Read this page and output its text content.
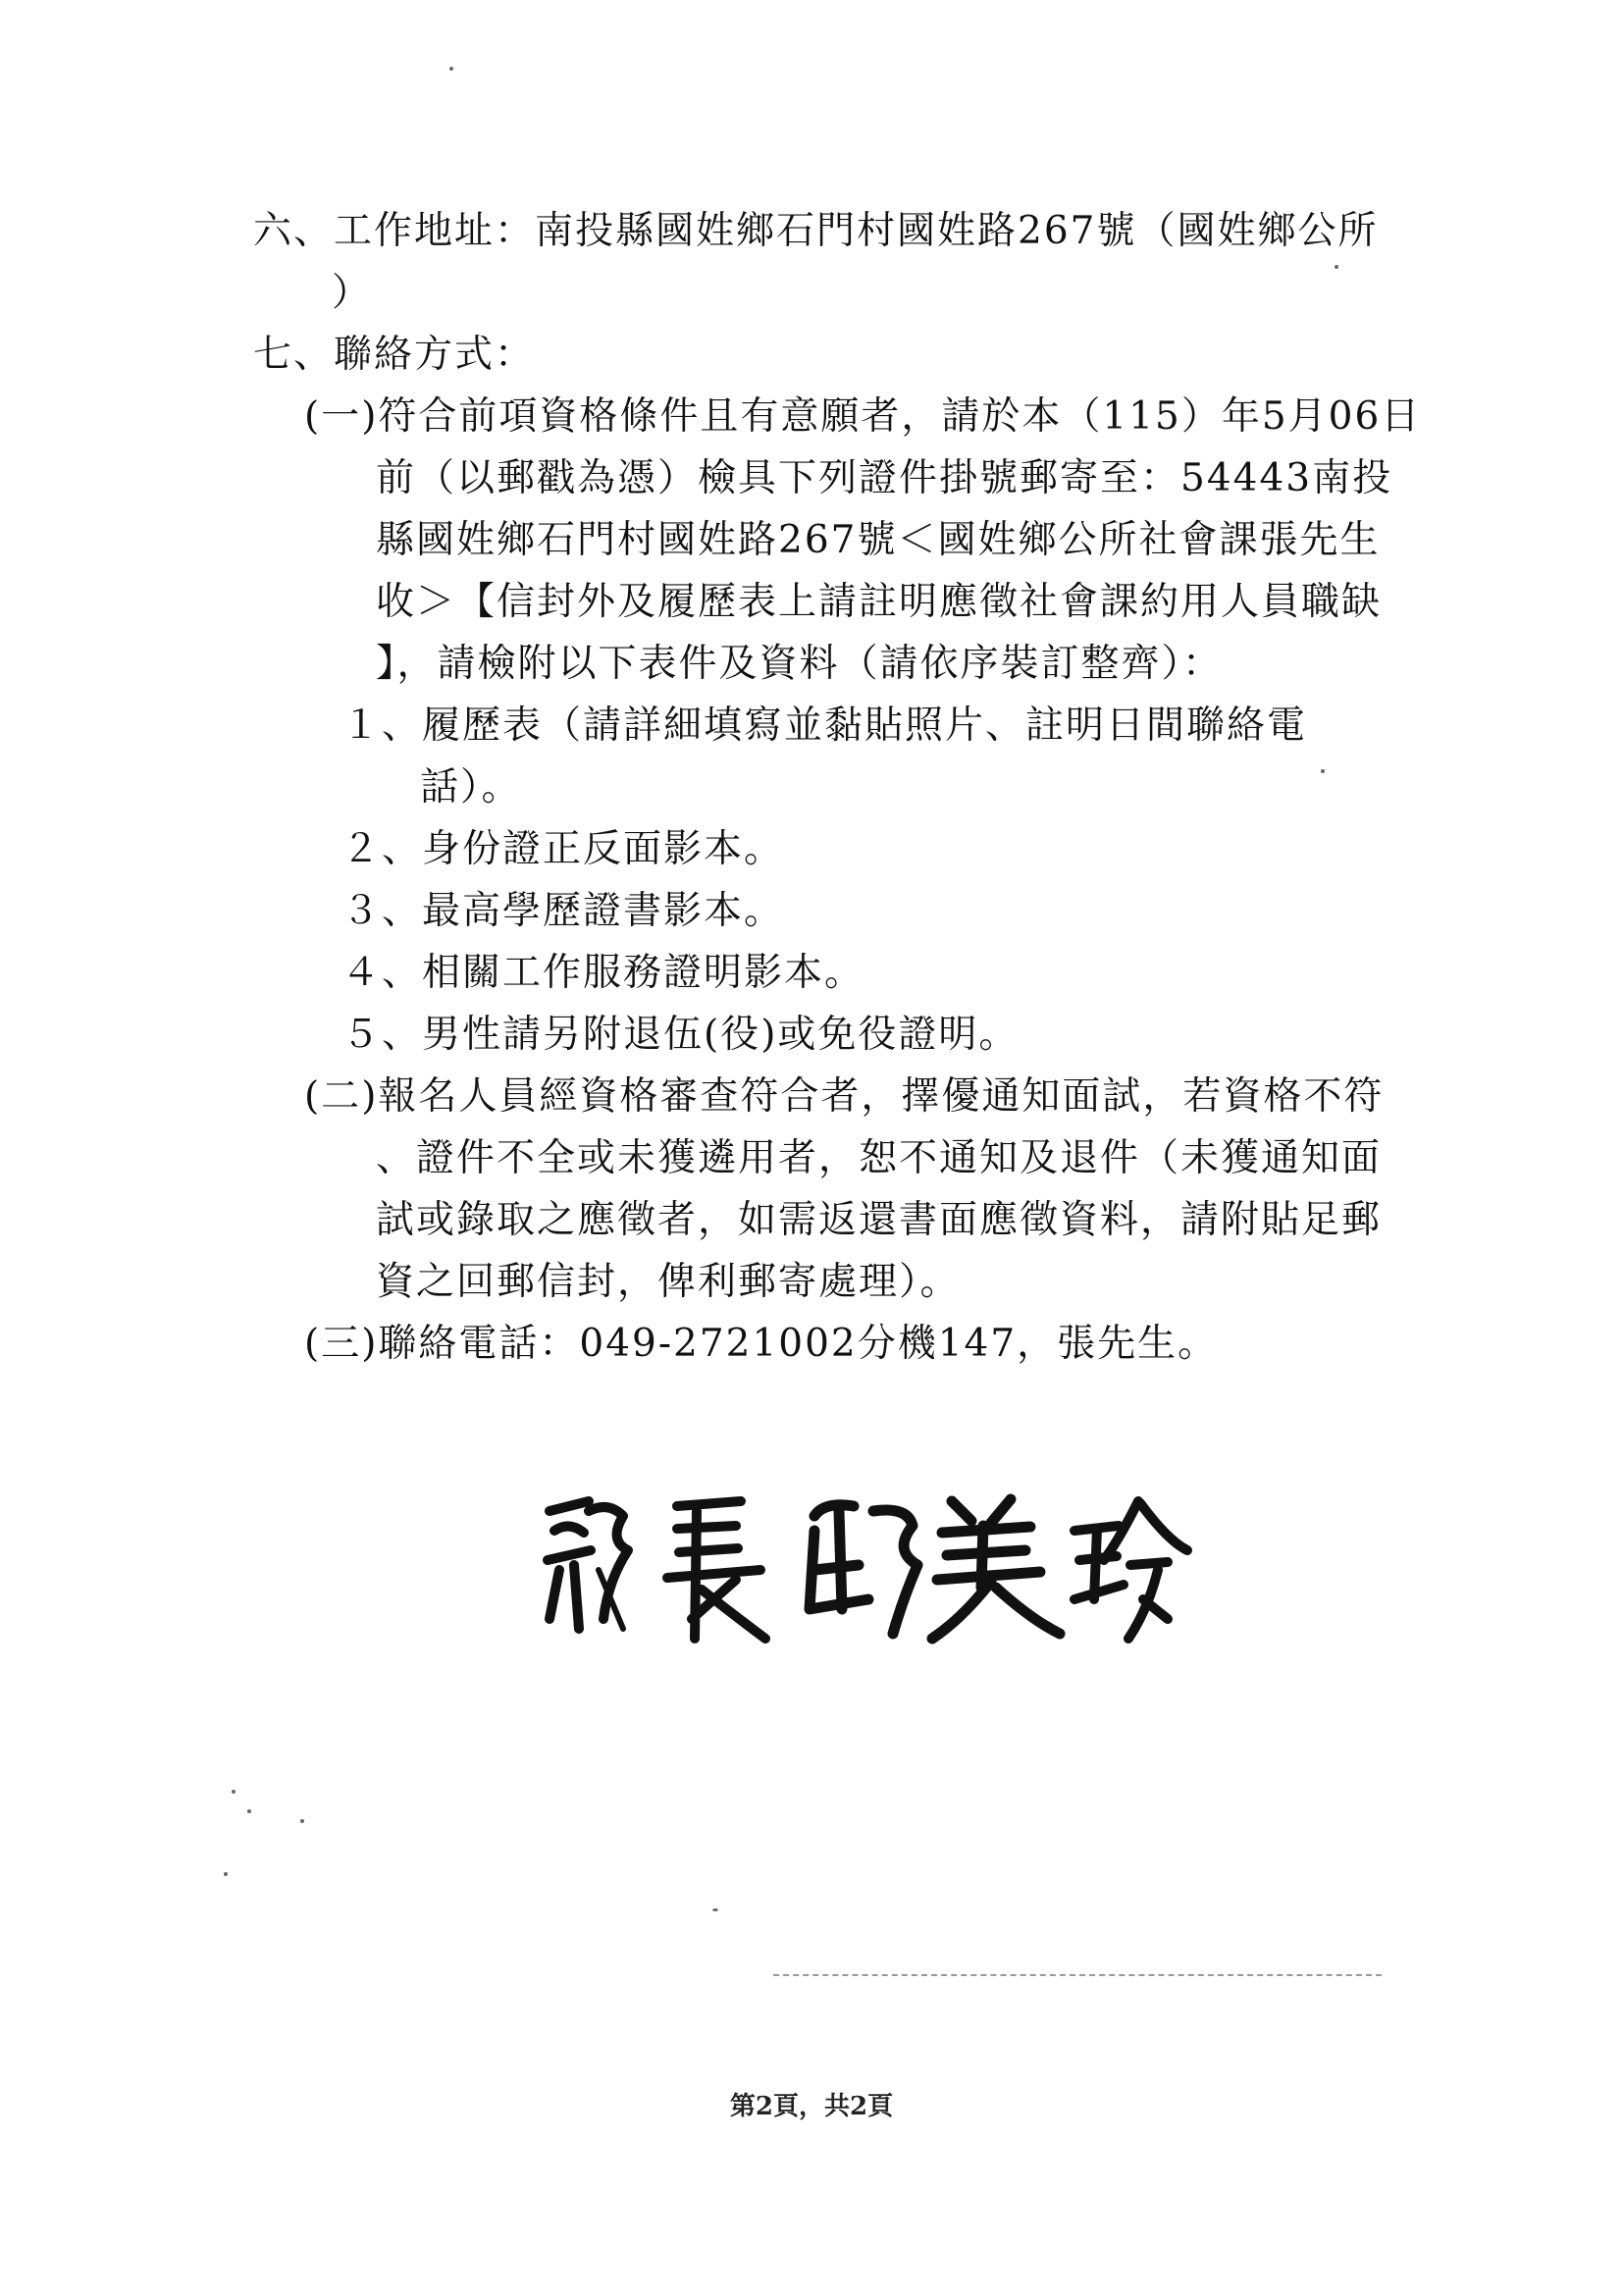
六、工作地址：南投縣國姓鄉石門村國姓路267號（國姓鄉公所
）
七、聯絡方式：
(一)符合前項資格條件且有意願者，請於本（115）年5月06日
前（以郵戳為憑）檢具下列證件掛號郵寄至：54443南投
縣國姓鄉石門村國姓路267號＜國姓鄉公所社會課張先生
收＞【信封外及履歷表上請註明應徵社會課約用人員職缺
】，請檢附以下表件及資料（請依序裝訂整齊）：
１、履歷表（請詳細填寫並黏貼照片、註明日間聯絡電
話）。
２、身份證正反面影本。
３、最高學歷證書影本。
４、相關工作服務證明影本。
５、男性請另附退伍(役)或免役證明。
(二)報名人員經資格審查符合者，擇優通知面試，若資格不符
、證件不全或未獲遴用者，恕不通知及退件（未獲通知面
試或錄取之應徵者，如需返還書面應徵資料，請附貼足郵
資之回郵信封，俾利郵寄處理）。
(三)聯絡電話：049-2721002分機147，張先生。
第2頁，共2頁
